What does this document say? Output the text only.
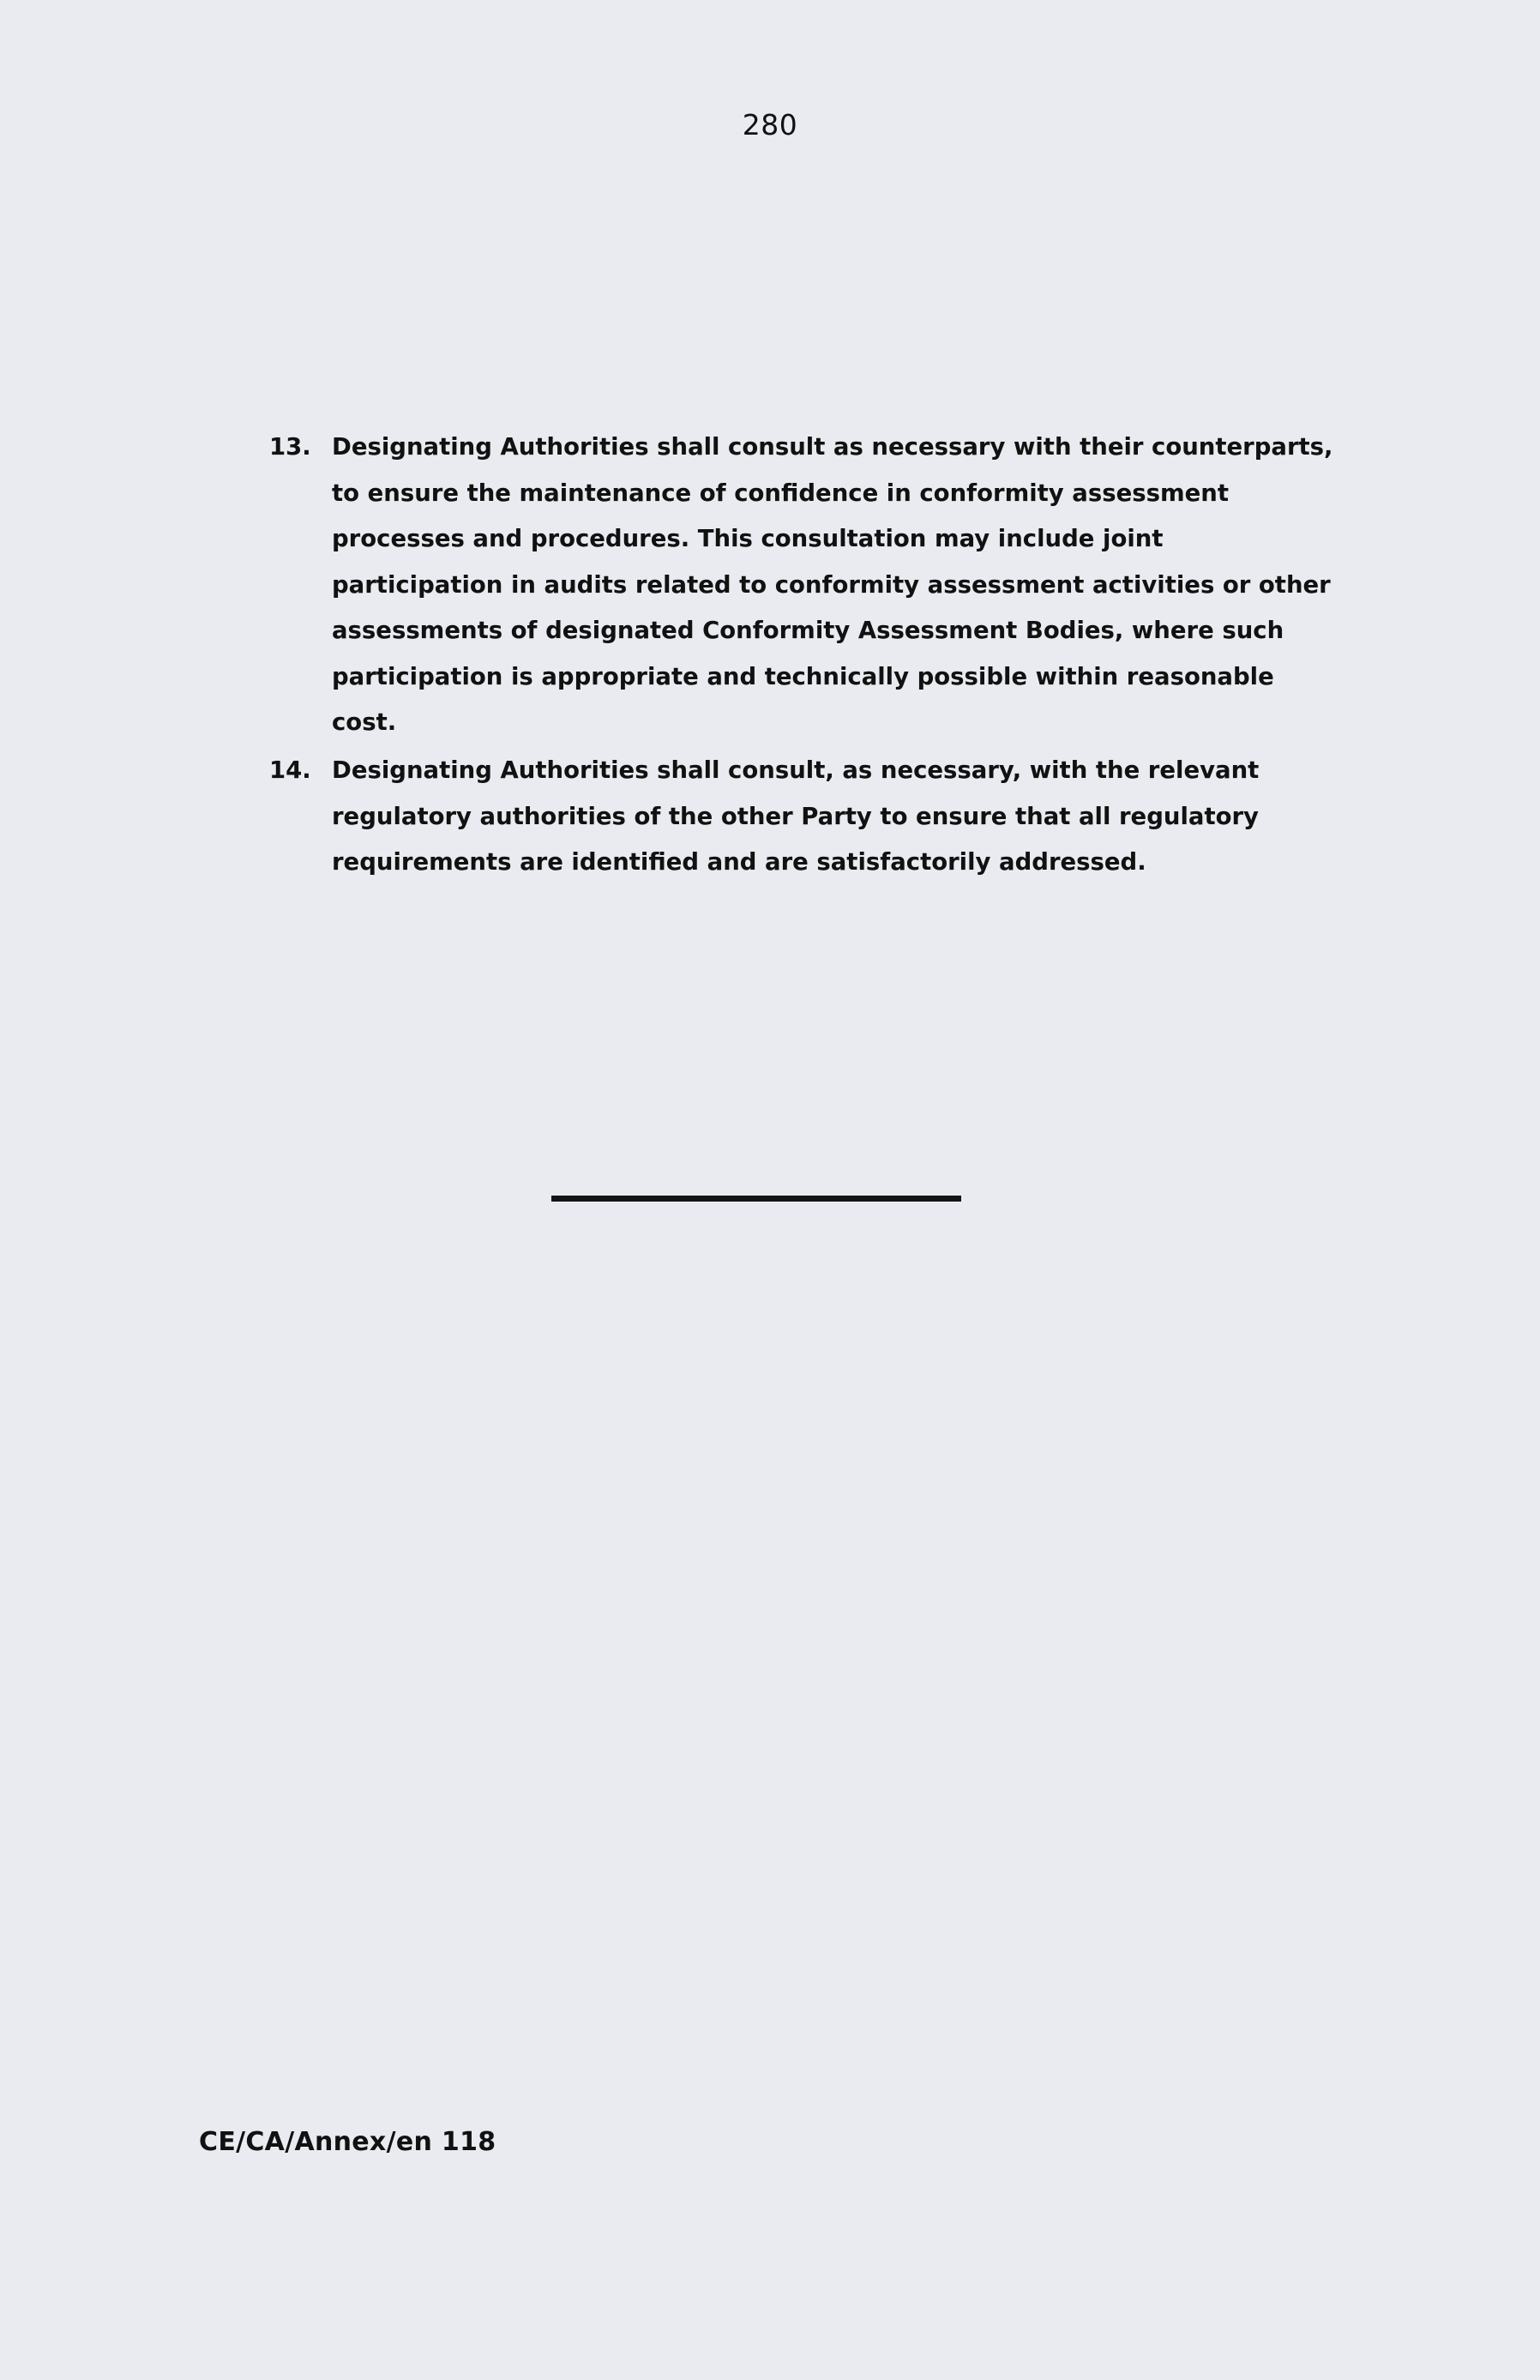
280
13. Designating Authorities shall consult as necessary with their counterparts, to ensure the maintenance of confidence in conformity assessment processes and procedures. This consultation may include joint participation in audits related to conformity assessment activities or other assessments of designated Conformity Assessment Bodies, where such participation is appropriate and technically possible within reasonable cost.
14. Designating Authorities shall consult, as necessary, with the relevant regulatory authorities of the other Party to ensure that all regulatory requirements are identified and are satisfactorily addressed.
CE/CA/Annex/en 118
